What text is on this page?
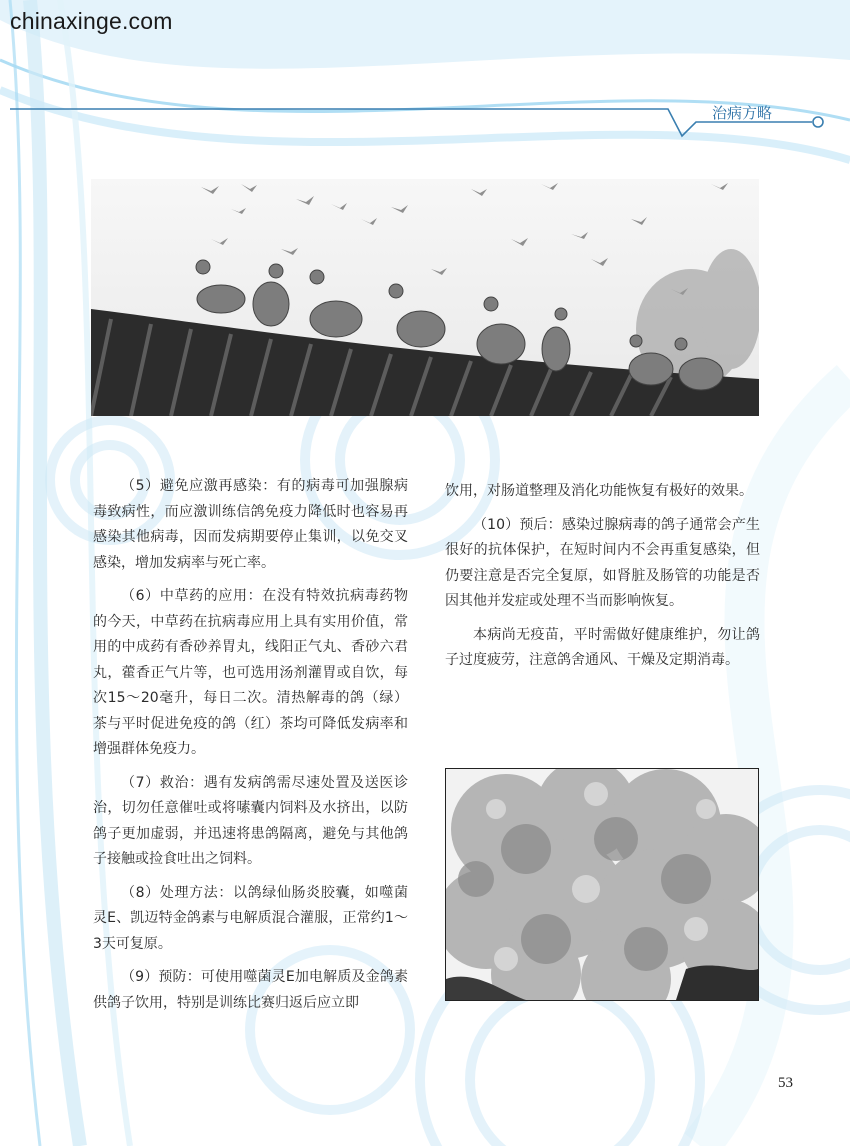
chinaxinge.com
治病方略

（5）避免应激再感染：有的病毒可加强腺病毒致病性，而应激训练信鸽免疫力降低时也容易再感染其他病毒，因而发病期要停止集训，以免交叉感染，增加发病率与死亡率。

（6）中草药的应用：在没有特效抗病毒药物的今天，中草药在抗病毒应用上具有实用价值，常用的中成药有香砂养胃丸，线阳正气丸、香砂六君丸，藿香正气片等，也可选用汤剂灌胃或自饮，每次15～20毫升，每日二次。清热解毒的鸽（绿）茶与平时促进免疫的鸽（红）茶均可降低发病率和增强群体免疫力。

（7）救治：遇有发病鸽需尽速处置及送医诊治，切勿任意催吐或将嗉囊内饲料及水挤出，以防鸽子更加虚弱，并迅速将患鸽隔离，避免与其他鸽子接触或捡食吐出之饲料。

（8）处理方法：以鸽绿仙肠炎胶囊，如噬菌灵E、凯迈特金鸽素与电解质混合灌服，正常约1～3天可复原。

（9）预防：可使用噬菌灵E加电解质及金鸽素供鸽子饮用，特别是训练比赛归返后应立即

饮用，对肠道整理及消化功能恢复有极好的效果。

（10）预后：感染过腺病毒的鸽子通常会产生很好的抗体保护，在短时间内不会再重复感染，但仍要注意是否完全复原，如肾脏及肠管的功能是否因其他并发症或处理不当而影响恢复。

本病尚无疫苗，平时需做好健康维护，勿让鸽子过度疲劳，注意鸽舍通风、干燥及定期消毒。

53
